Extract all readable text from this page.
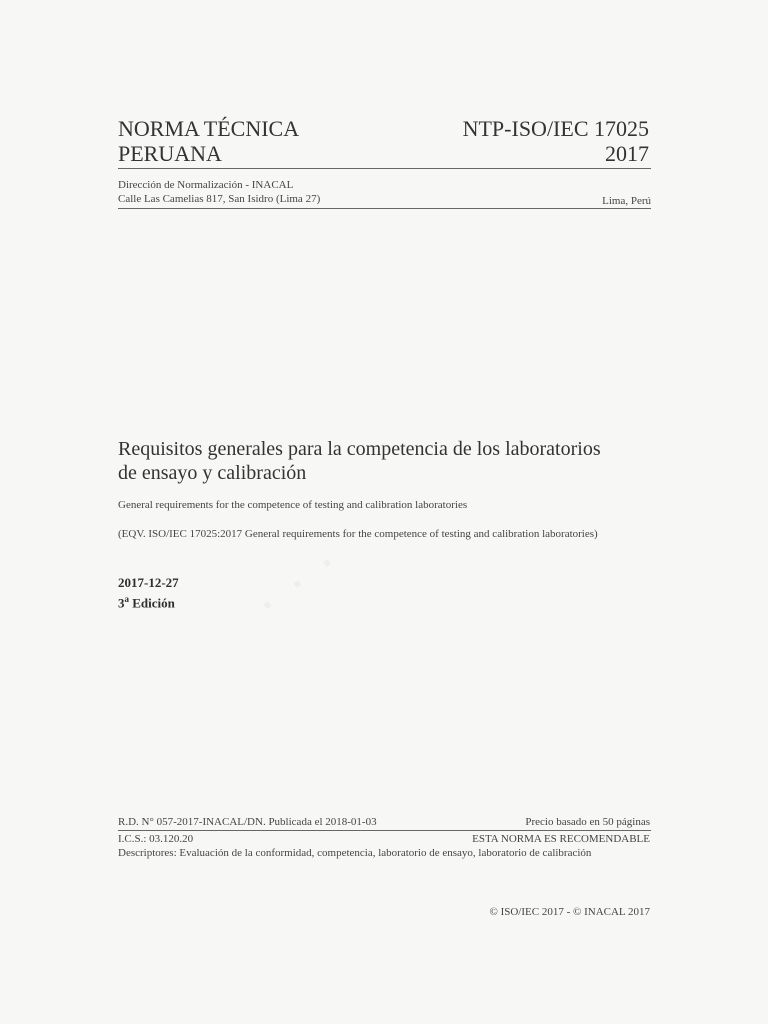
NORMA TÉCNICA
PERUANA
NTP-ISO/IEC 17025
2017
Dirección de Normalización - INACAL
Calle Las Camelias 817, San Isidro (Lima 27)	Lima, Perú
Requisitos generales para la competencia de los laboratorios
de ensayo y calibración
General requirements for the competence of testing and calibration laboratories
(EQV. ISO/IEC 17025:2017 General requirements for the competence of testing and calibration laboratories)
2017-12-27
3$^a$ Edición
R.D. N° 057-2017-INACAL/DN. Publicada el 2018-01-03	Precio basado en 50 páginas
I.C.S.: 03.120.20	ESTA NORMA ES RECOMENDABLE
Descriptores: Evaluación de la conformidad, competencia, laboratorio de ensayo, laboratorio de calibración
© ISO/IEC 2017 - © INACAL 2017
